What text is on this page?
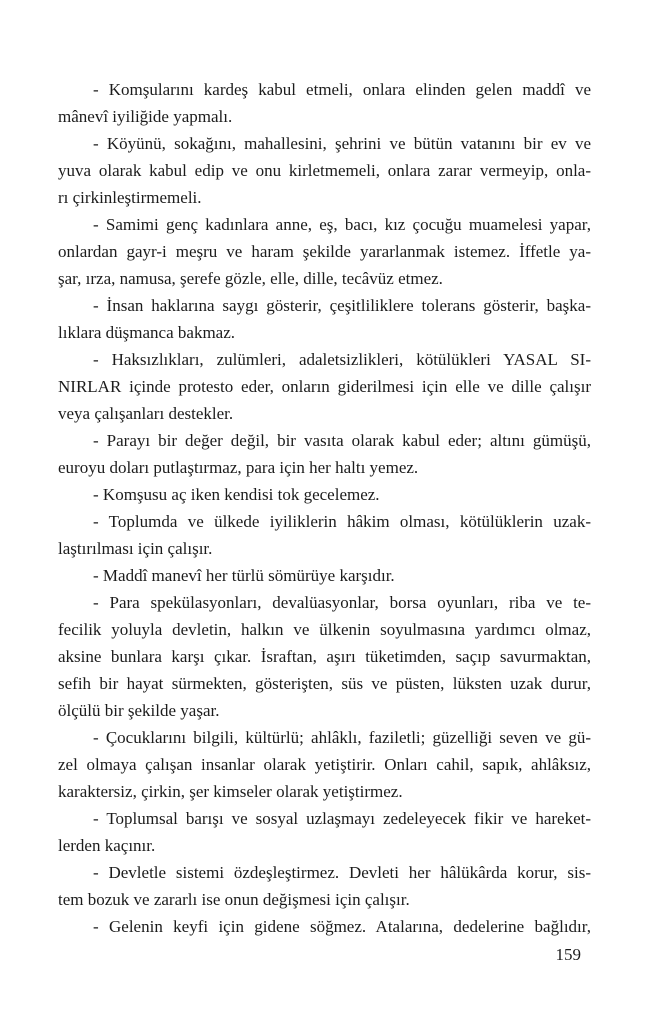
- Komşularını kardeş kabul etmeli, onlara elinden gelen maddî ve
mânevî iyiliğide yapmalı.
- Köyünü, sokağını, mahallesini, şehrini ve bütün vatanını bir ev ve
yuva olarak kabul edip ve onu kirletmemeli, onlara zarar vermeyip, onla-
rı çirkinleştirmemeli.
- Samimi genç kadınlara anne, eş, bacı, kız çocuğu muamelesi yapar,
onlardan gayr-i meşru ve haram şekilde yararlanmak istemez. İffetle ya-
şar, ırza, namusa, şerefe gözle, elle, dille, tecâvüz etmez.
- İnsan haklarına saygı gösterir, çeşitliliklere tolerans gösterir, başka-
lıklara düşmanca bakmaz.
- Haksızlıkları, zulümleri, adaletsizlikleri, kötülükleri YASAL SI-
NIRLAR içinde protesto eder, onların giderilmesi için elle ve dille çalışır
veya çalışanları destekler.
- Parayı bir değer değil, bir vasıta olarak kabul eder; altını gümüşü,
euroyu doları putlaştırmaz, para için her haltı yemez.
- Komşusu aç iken kendisi tok gecelemez.
- Toplumda ve ülkede iyiliklerin hâkim olması, kötülüklerin uzak-
laştırılması için çalışır.
- Maddî manevî her türlü sömürüye karşıdır.
- Para spekülasyonları, devalüasyonlar, borsa oyunları, riba ve te-
fecilik yoluyla devletin, halkın ve ülkenin soyulmasına yardımcı olmaz,
aksine bunlara karşı çıkar. İsraftan, aşırı tüketimden, saçıp savurmaktan,
sefih bir hayat sürmekten, gösterişten, süs ve püsten, lüksten uzak durur,
ölçülü bir şekilde yaşar.
- Çocuklarını bilgili, kültürlü; ahlâklı, faziletli; güzelliği seven ve gü-
zel olmaya çalışan insanlar olarak yetiştirir. Onları cahil, sapık, ahlâksız,
karaktersiz, çirkin, şer kimseler olarak yetiştirmez.
- Toplumsal barışı ve sosyal uzlaşmayı zedeleyecek fikir ve hareket-
lerden kaçınır.
- Devletle sistemi özdeşleştirmez. Devleti her hâlükârda korur, sis-
tem bozuk ve zararlı ise onun değişmesi için çalışır.
- Gelenin keyfi için gidene söğmez. Atalarına, dedelerine bağlıdır,
159
